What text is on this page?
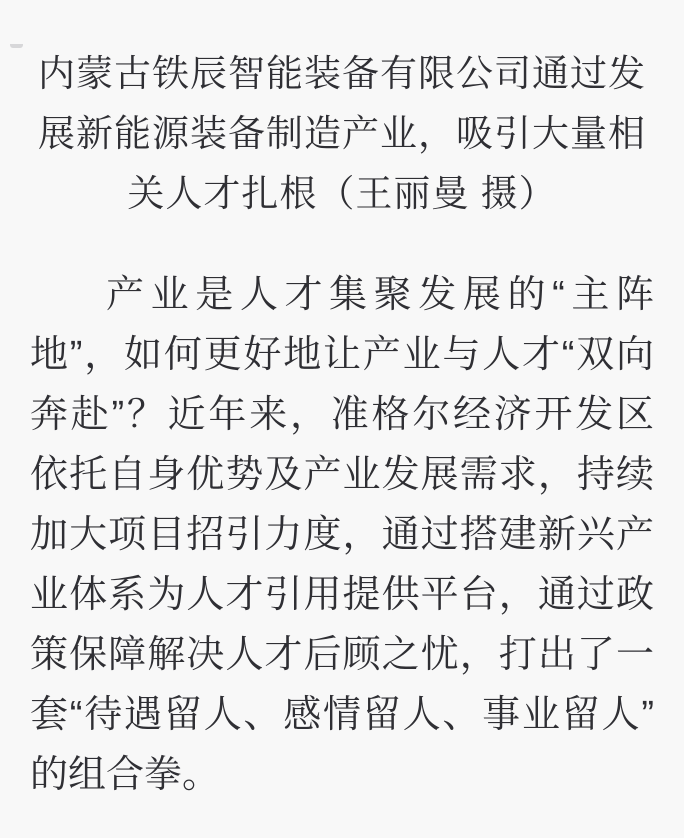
内蒙古铁辰智能装备有限公司通过发
展新能源装备制造产业，吸引大量相
关人才扎根（王丽曼 摄）
产业是人才集聚发展的“主阵
地”，如何更好地让产业与人才“双向
奔赴”？近年来，准格尔经济开发区
依托自身优势及产业发展需求，持续
加大项目招引力度，通过搭建新兴产
业体系为人才引用提供平台，通过政
策保障解决人才后顾之忧，打出了一
套“待遇留人、感情留人、事业留人”
的组合拳。
